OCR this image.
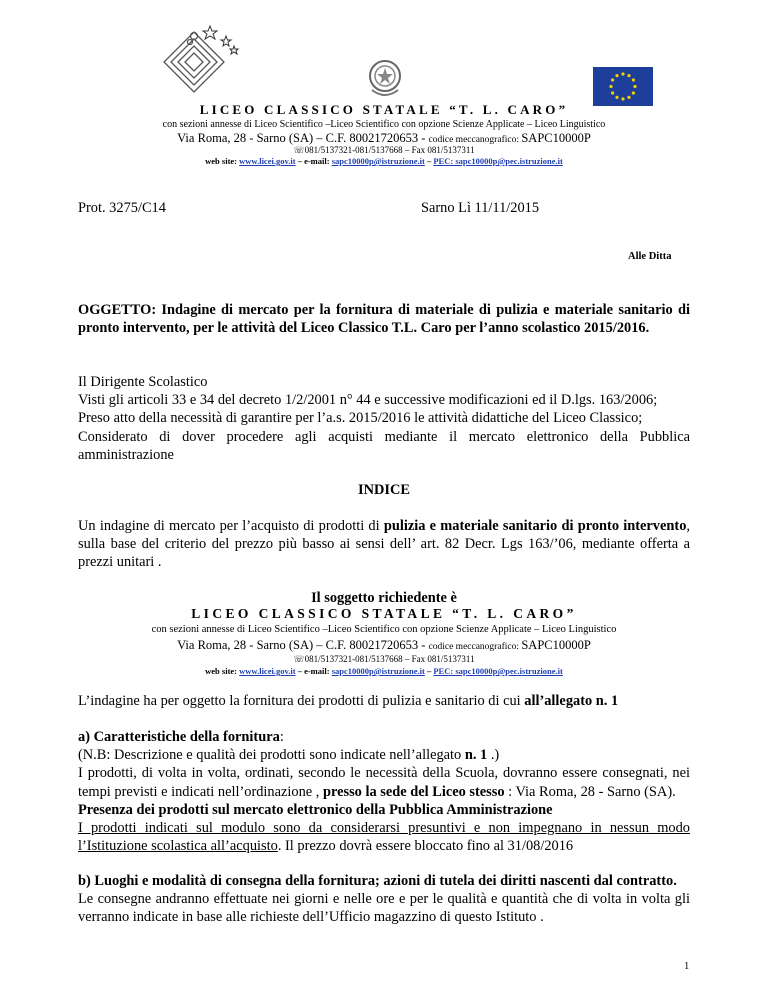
LICEO CLASSICO STATALE “T. L. CARO”
con sezioni annesse di Liceo Scientifico –Liceo Scientifico con opzione Scienze Applicate – Liceo Linguistico
Via Roma, 28 - Sarno (SA) – C.F. 80021720653 - codice meccanografico: SAPC10000P
☏081/5137321-081/5137668 – Fax 081/5137311
web site: www.licei.gov.it – e-mail: sapc10000p@istruzione.it – PEC: sapc10000p@pec.istruzione.it
Prot. 3275/C14	Sarno Lì 11/11/2015
Alle Ditta
OGGETTO: Indagine di mercato per la fornitura di materiale di pulizia e materiale sanitario di pronto intervento, per le attività del Liceo Classico T.L. Caro per l’anno scolastico 2015/2016.
Il Dirigente Scolastico
Visti gli articoli 33 e 34 del decreto 1/2/2001 n° 44 e successive modificazioni ed il D.lgs. 163/2006;
Preso atto della necessità di garantire per l’a.s. 2015/2016 le attività didattiche del Liceo Classico;
Considerato di dover procedere agli acquisti mediante il mercato elettronico della Pubblica amministrazione
INDICE
Un indagine di mercato per l’acquisto di prodotti di pulizia e materiale sanitario di pronto intervento, sulla base del criterio del prezzo più basso ai sensi dell’ art. 82 Decr. Lgs 163/’06, mediante offerta a prezzi unitari .
Il soggetto richiedente è
LICEO CLASSICO STATALE “T. L. CARO”
con sezioni annesse di Liceo Scientifico –Liceo Scientifico con opzione Scienze Applicate – Liceo Linguistico
Via Roma, 28 - Sarno (SA) – C.F. 80021720653 - codice meccanografico: SAPC10000P
☏081/5137321-081/5137668 – Fax 081/5137311
web site: www.licei.gov.it – e-mail: sapc10000p@istruzione.it – PEC: sapc10000p@pec.istruzione.it
L’indagine ha per oggetto la fornitura dei prodotti di pulizia e sanitario di cui all’allegato n. 1
a) Caratteristiche della fornitura:
(N.B: Descrizione e qualità dei prodotti sono indicate nell’allegato n. 1 .)
I prodotti, di volta in volta, ordinati, secondo le necessità della Scuola, dovranno essere consegnati, nei tempi previsti e indicati nell’ordinazione , presso la sede del Liceo stesso : Via Roma, 28 - Sarno (SA).
Presenza dei prodotti sul mercato elettronico della Pubblica Amministrazione
I prodotti indicati sul modulo sono da considerarsi presuntivi e non impegnano in nessun modo l’Istituzione scolastica all’acquisto. Il prezzo dovrà essere bloccato fino al 31/08/2016
b) Luoghi e modalità di consegna della fornitura; azioni di tutela dei diritti nascenti dal contratto.
Le consegne andranno effettuate nei giorni e nelle ore e per le qualità e quantità che di volta in volta gli verranno indicate in base alle richieste dell’Ufficio magazzino di questo Istituto .
1
